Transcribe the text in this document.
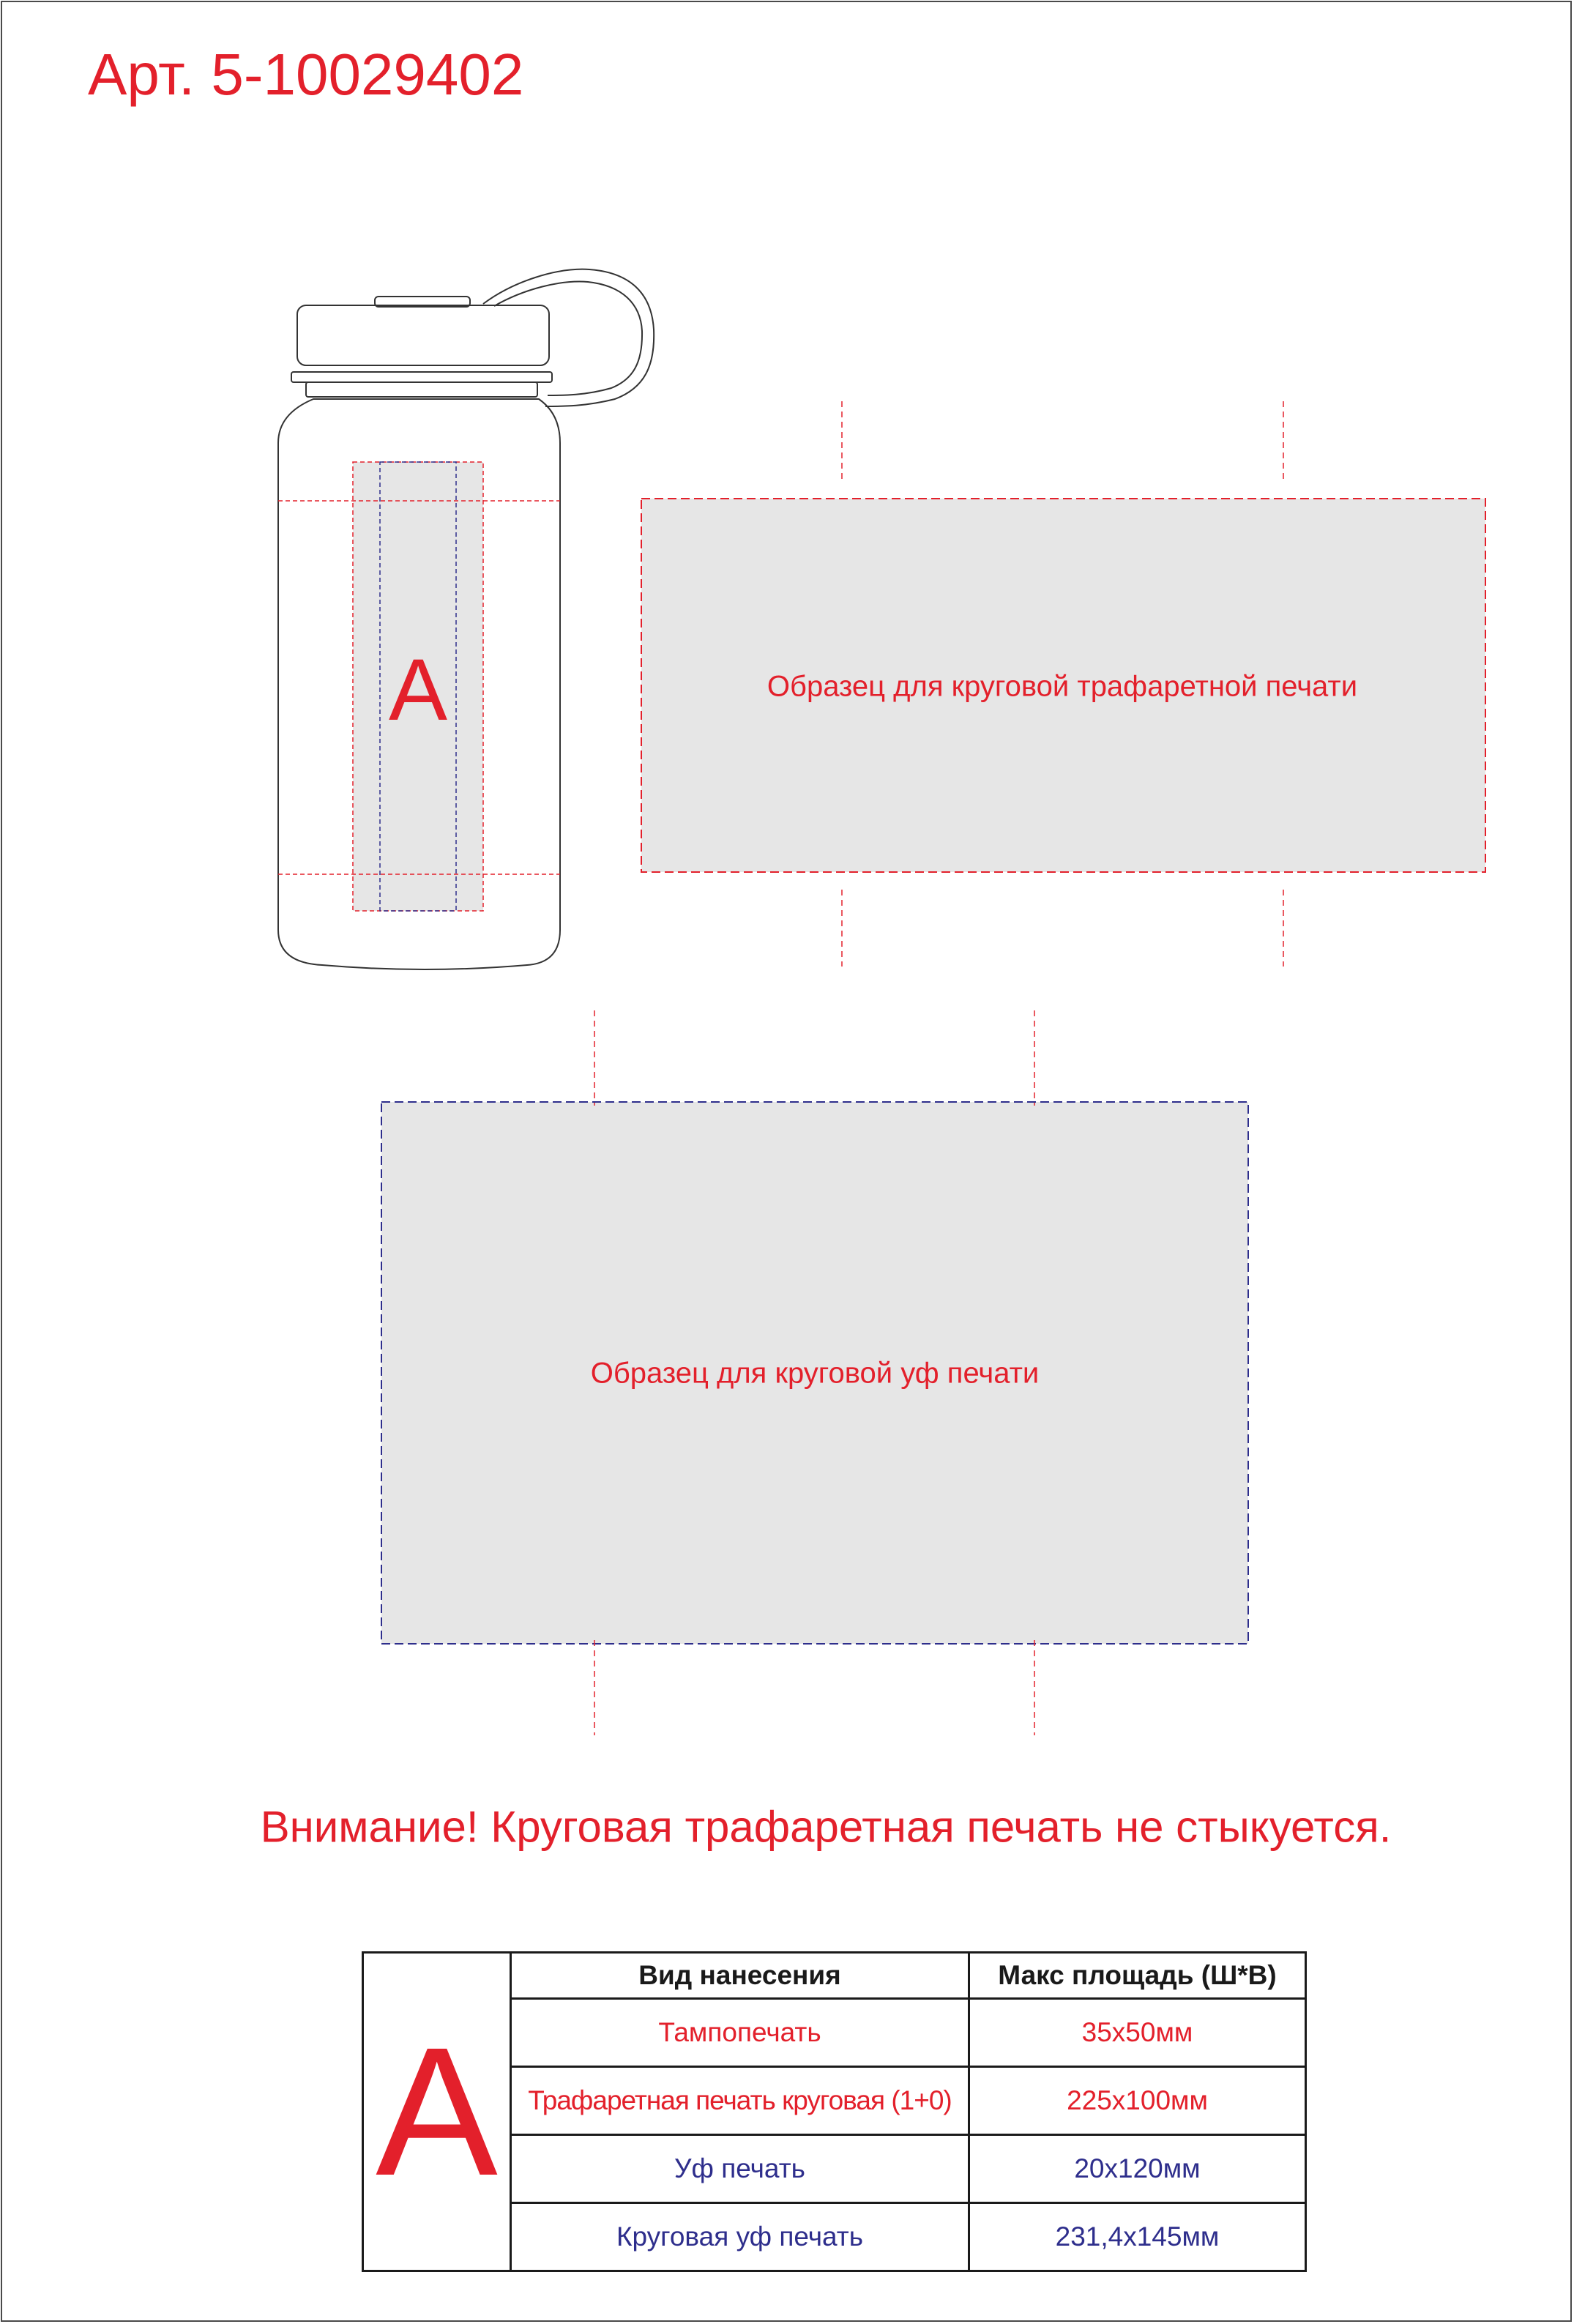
Арт. 5-10029402
A	Образец для круговой трафаретной печати
Образец для круговой уф печати
Внимание! Круговая трафаретная печать не стыкуется.
A	Вид нанесения	Макс площадь (Ш*В)
	Тампопечать	35x50мм
	Трафаретная печать круговая (1+0)	225x100мм
	Уф печать	20x120мм
	Круговая уф печать	231,4x145мм
